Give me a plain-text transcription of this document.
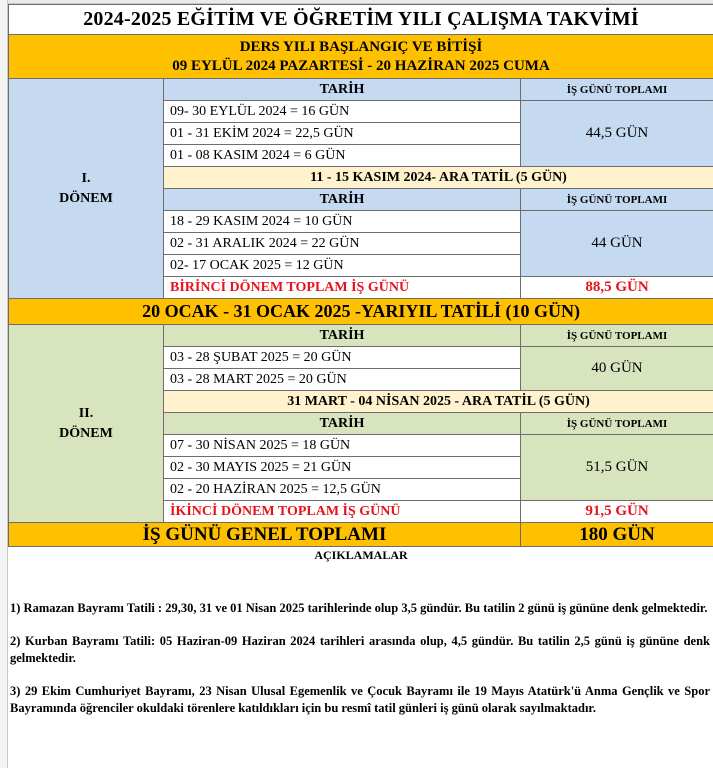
2024-2025 EĞİTİM VE ÖĞRETİM YILI ÇALIŞMA TAKVİMİ		

DERS YILI BAŞLANGIÇ VE BİTİŞİ
09 EYLÜL 2024 PAZARTESİ - 20 HAZİRAN 2025 CUMA		

I.
DÖNEM	TARİH	İŞ GÜNÜ TOPLAMI
	09- 30 EYLÜL 2024 = 16 GÜN	44,5 GÜN
	01 - 31 EKİM 2024 = 22,5 GÜN	
	01 - 08 KASIM 2024 = 6 GÜN	
	11 - 15 KASIM 2024- ARA TATİL (5 GÜN)	
	TARİH	İŞ GÜNÜ TOPLAMI
	18 - 29 KASIM 2024 = 10 GÜN	44 GÜN
	02 - 31 ARALIK 2024 = 22 GÜN	
	02- 17 OCAK 2025 = 12 GÜN	
	BİRİNCİ DÖNEM TOPLAM İŞ GÜNÜ	88,5 GÜN
20 OCAK - 31 OCAK 2025 -YARIYIL TATİLİ (10 GÜN)		

II.
DÖNEM	TARİH	İŞ GÜNÜ TOPLAMI
	03 - 28 ŞUBAT 2025 = 20 GÜN	40 GÜN
	03 - 28 MART 2025 = 20 GÜN	
	31 MART - 04 NİSAN 2025 - ARA TATİL (5 GÜN)	
	TARİH	İŞ GÜNÜ TOPLAMI
	07 - 30 NİSAN 2025 = 18 GÜN	51,5 GÜN
	02 - 30 MAYIS 2025 = 21 GÜN	
	02 - 20 HAZİRAN 2025 = 12,5 GÜN	
	İKİNCİ DÖNEM TOPLAM İŞ GÜNÜ	91,5 GÜN
İŞ GÜNÜ GENEL TOPLAMI		180 GÜN
AÇIKLAMALAR		

1) Ramazan Bayramı Tatili : 29,30, 31 ve 01 Nisan 2025 tarihlerinde olup 3,5 gündür. Bu tatilin 2 günü iş gününe denk gelmektedir.

2) Kurban Bayramı Tatili: 05 Haziran-09 Haziran 2024 tarihleri arasında olup, 4,5 gündür. Bu tatilin 2,5 günü iş gününe denk gelmektedir.

3) 29 Ekim Cumhuriyet Bayramı, 23 Nisan Ulusal Egemenlik ve Çocuk Bayramı ile 19 Mayıs Atatürk'ü Anma Gençlik ve Spor Bayramında öğrenciler okuldaki törenlere katıldıkları için bu resmî tatil günleri iş günü olarak sayılmaktadır.
